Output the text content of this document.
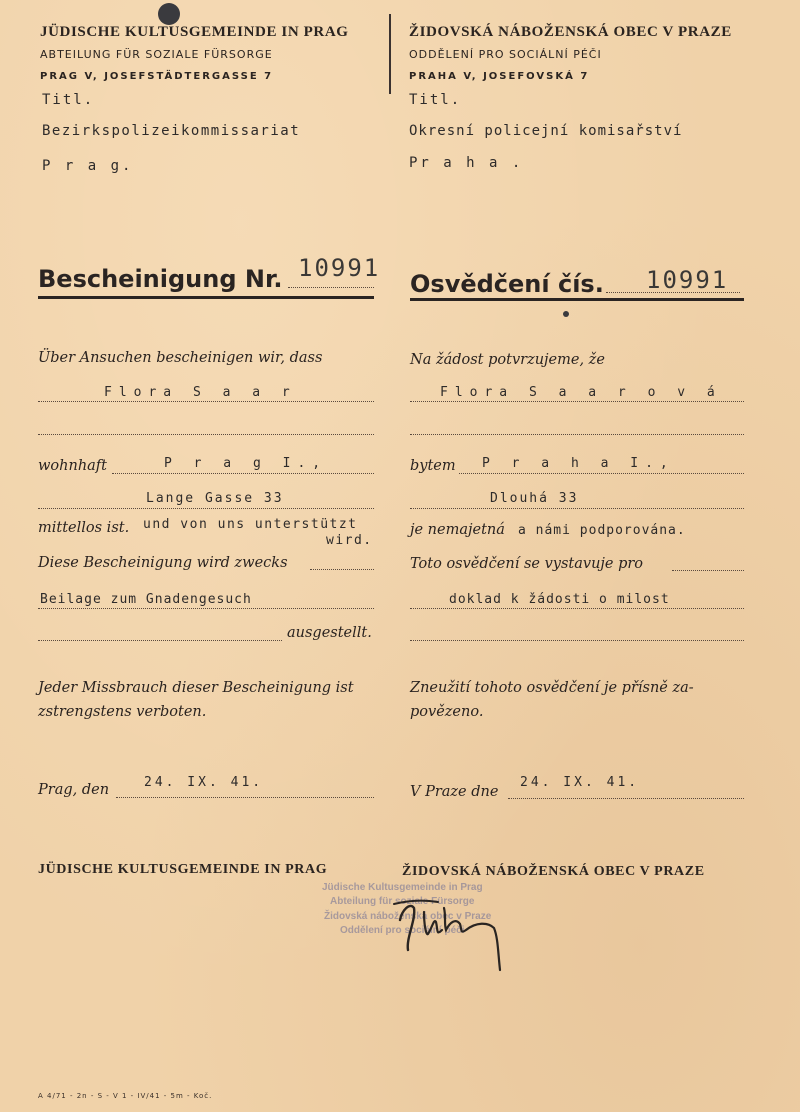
JÜDISCHE KULTUSGEMEINDE IN PRAG
ABTEILUNG FÜR SOZIALE FÜRSORGE
PRAG V, JOSEFSTÄDTERGASSE 7
Titl.
Bezirkspolizeikommissariat
P r a g.
ŽIDOVSKÁ NÁBOŽENSKÁ OBEC V PRAZE
ODDĚLENÍ PRO SOCIÁLNÍ PÉČI
PRAHA V, JOSEFOVSKÁ 7
Titl.
Okresní policejní komisařství
Pr a h a .
Bescheinigung Nr. 10991
Osvědčení čís. 10991
Über Ansuchen bescheinigen wir, dass	Na žádost potvrzujeme, že
Flora S a a r	Flora S a a r o v á
wohnhaft	P r a g I.,	bytem P r a h a I.,
Lange Gasse 33	Dlouhá 33
mittellos ist. und von uns unterstützt
wird.
je nemajetná a námi podporována.
Diese Bescheinigung wird zwecks	Toto osvědčení se vystavuje pro
Beilage zum Gnadengesuch	doklad k žádosti o milost
ausgestellt.
Jeder Missbrauch dieser Bescheinigung ist
zstrengstens verboten.
Zneužití tohoto osvědčení je přísně za-
povězeno.
Prag, den	24. IX. 41.
V Praze dne
24. IX. 41.
JÜDISCHE KULTUSGEMEINDE IN PRAG	ŽIDOVSKÁ NÁBOŽENSKÁ OBEC V PRAZE
Jüdische Kultusgemeinde in Prag
Abteilung für soziale Fürsorge
Židovská náboženská obec v Praze
Oddělení pro sociální péči
A 4/71 - 2n - S - V 1 - IV/41 - 5m - Koč.
